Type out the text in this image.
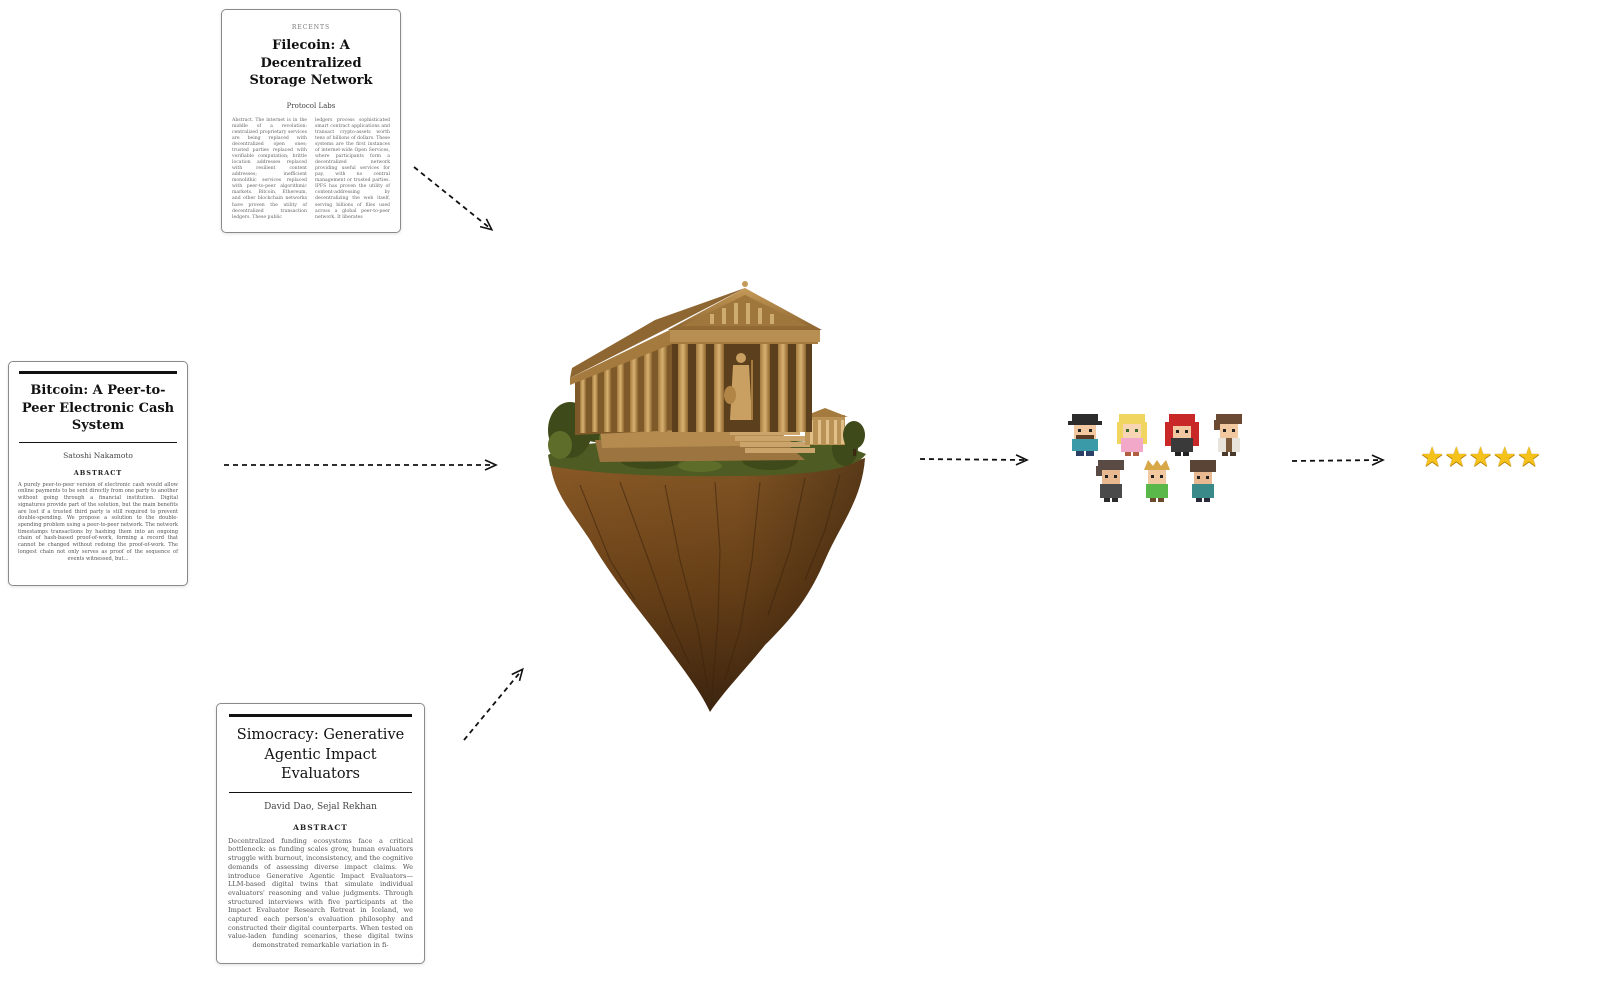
RECENTS
Filecoin: A Decentralized Storage Network
Protocol Labs
Abstract. The internet is in the middle of a revolution: centralized proprietary services are being replaced with decentralized open ones; trusted parties replaced with verifiable computation; brittle location addresses replaced with resilient content addresses; inefficient monolithic services replaced with peer-to-peer algorithmic markets. Bitcoin, Ethereum, and other blockchain networks have proven the utility of decentralized transaction ledgers. These public
ledgers process sophisticated smart contract applications and transact crypto-assets worth tens of billions of dollars. These systems are the first instances of internet-wide Open Services, where participants form a decentralized network providing useful services for pay, with no central management or trusted parties. IPFS has proven the utility of content-addressing by decentralizing the web itself, serving billions of files used across a global peer-to-peer network. It liberates
Bitcoin: A Peer-to-Peer Electronic Cash System
Satoshi Nakamoto
ABSTRACT
A purely peer-to-peer version of electronic cash would allow online payments to be sent directly from one party to another without going through a financial institution. Digital signatures provide part of the solution, but the main benefits are lost if a trusted third party is still required to prevent double-spending. We propose a solution to the double-spending problem using a peer-to-peer network. The network timestamps transactions by hashing them into an ongoing chain of hash-based proof-of-work, forming a record that cannot be changed without redoing the proof-of-work. The longest chain not only serves as proof of the sequence of events witnessed, but...
Simocracy: Generative Agentic Impact Evaluators
David Dao, Sejal Rekhan
ABSTRACT
Decentralized funding ecosystems face a critical bottleneck: as funding scales grow, human evaluators struggle with burnout, inconsistency, and the cognitive demands of assessing diverse impact claims. We introduce Generative Agentic Impact Evaluators—LLM-based digital twins that simulate individual evaluators' reasoning and value judgments. Through structured interviews with five participants at the Impact Evaluator Research Retreat in Iceland, we captured each person's evaluation philosophy and constructed their digital counterparts. When tested on value-laden funding scenarios, these digital twins demonstrated remarkable variation in fi-
★ ★ ★ ★ ★
